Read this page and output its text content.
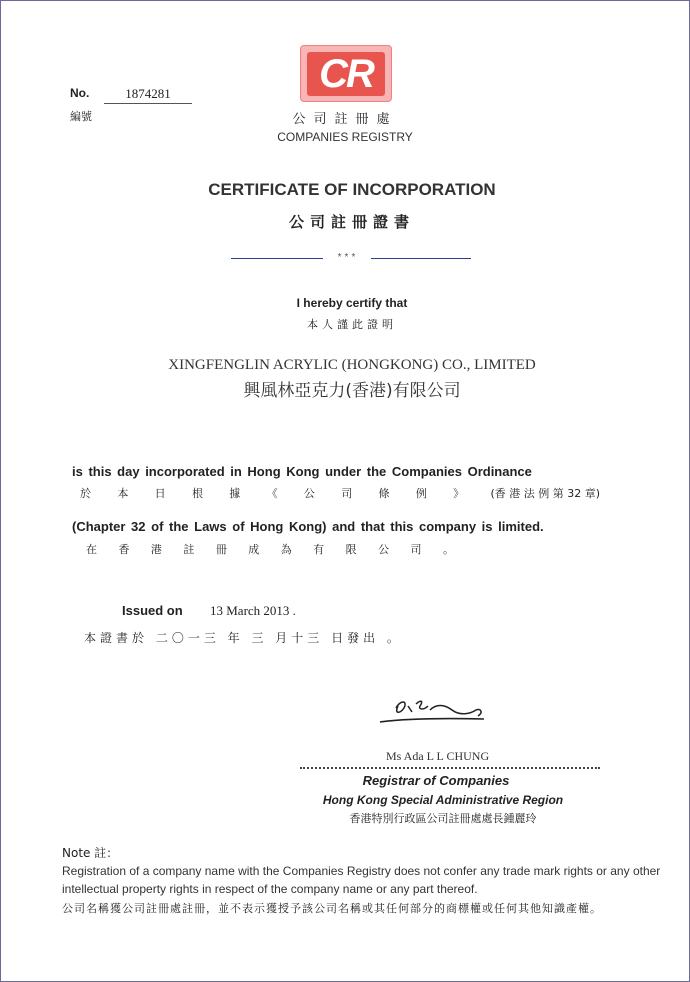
No.	1874281
編號
CR
公司註冊處
COMPANIES REGISTRY
CERTIFICATE OF INCORPORATION
公司註冊證書
***
I hereby certify that
本人謹此證明
XINGFENGLIN ACRYLIC (HONGKONG) CO., LIMITED
興風林亞克力(香港)有限公司
is this day incorporated in Hong Kong under the Companies Ordinance
於 本 日 根 據 《 公 司 條 例 》 (香 港 法 例 第 32 章)
(Chapter 32 of the Laws of Hong Kong) and that this company is limited.
在 香 港 註 冊 成 為 有 限 公 司 。
Issued on 13 March 2013 .
本證書於 二〇一三 年 三 月十三 日發出 。
Ms Ada L L CHUNG
Registrar of Companies
Hong Kong Special Administrative Region
香港特別行政區公司註冊處處長鍾麗玲
Note 註：
Registration of a company name with the Companies Registry does not confer any trade mark rights or any other intellectual property rights in respect of the company name or any part thereof.
公司名稱獲公司註冊處註冊，並不表示獲授予該公司名稱或其任何部分的商標權或任何其他知識產權。
